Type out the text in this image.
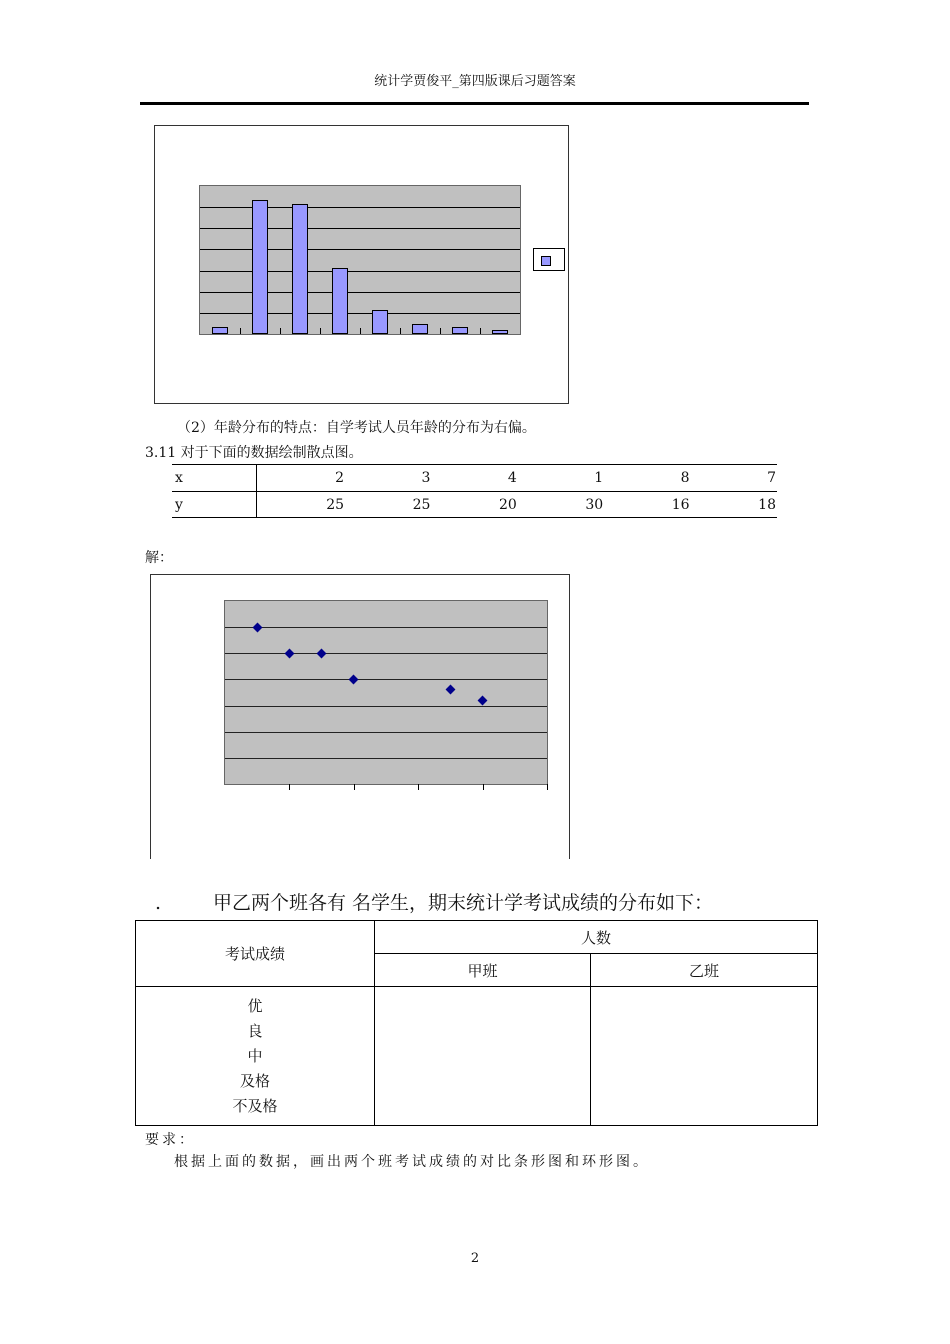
统计学贾俊平_第四版课后习题答案
（2）年龄分布的特点：自学考试人员年龄的分布为右偏。
3.11 对于下面的数据绘制散点图。
x	2	3	4	1	8	7
y	25	25	20	30	16	18
解：
.	甲乙两个班各有 名学生，期末统计学考试成绩的分布如下：
考试成绩	人数	
	甲班	乙班

优
良
中
及格
不及格		

要求：
根据上面的数据，画出两个班考试成绩的对比条形图和环形图。
2
